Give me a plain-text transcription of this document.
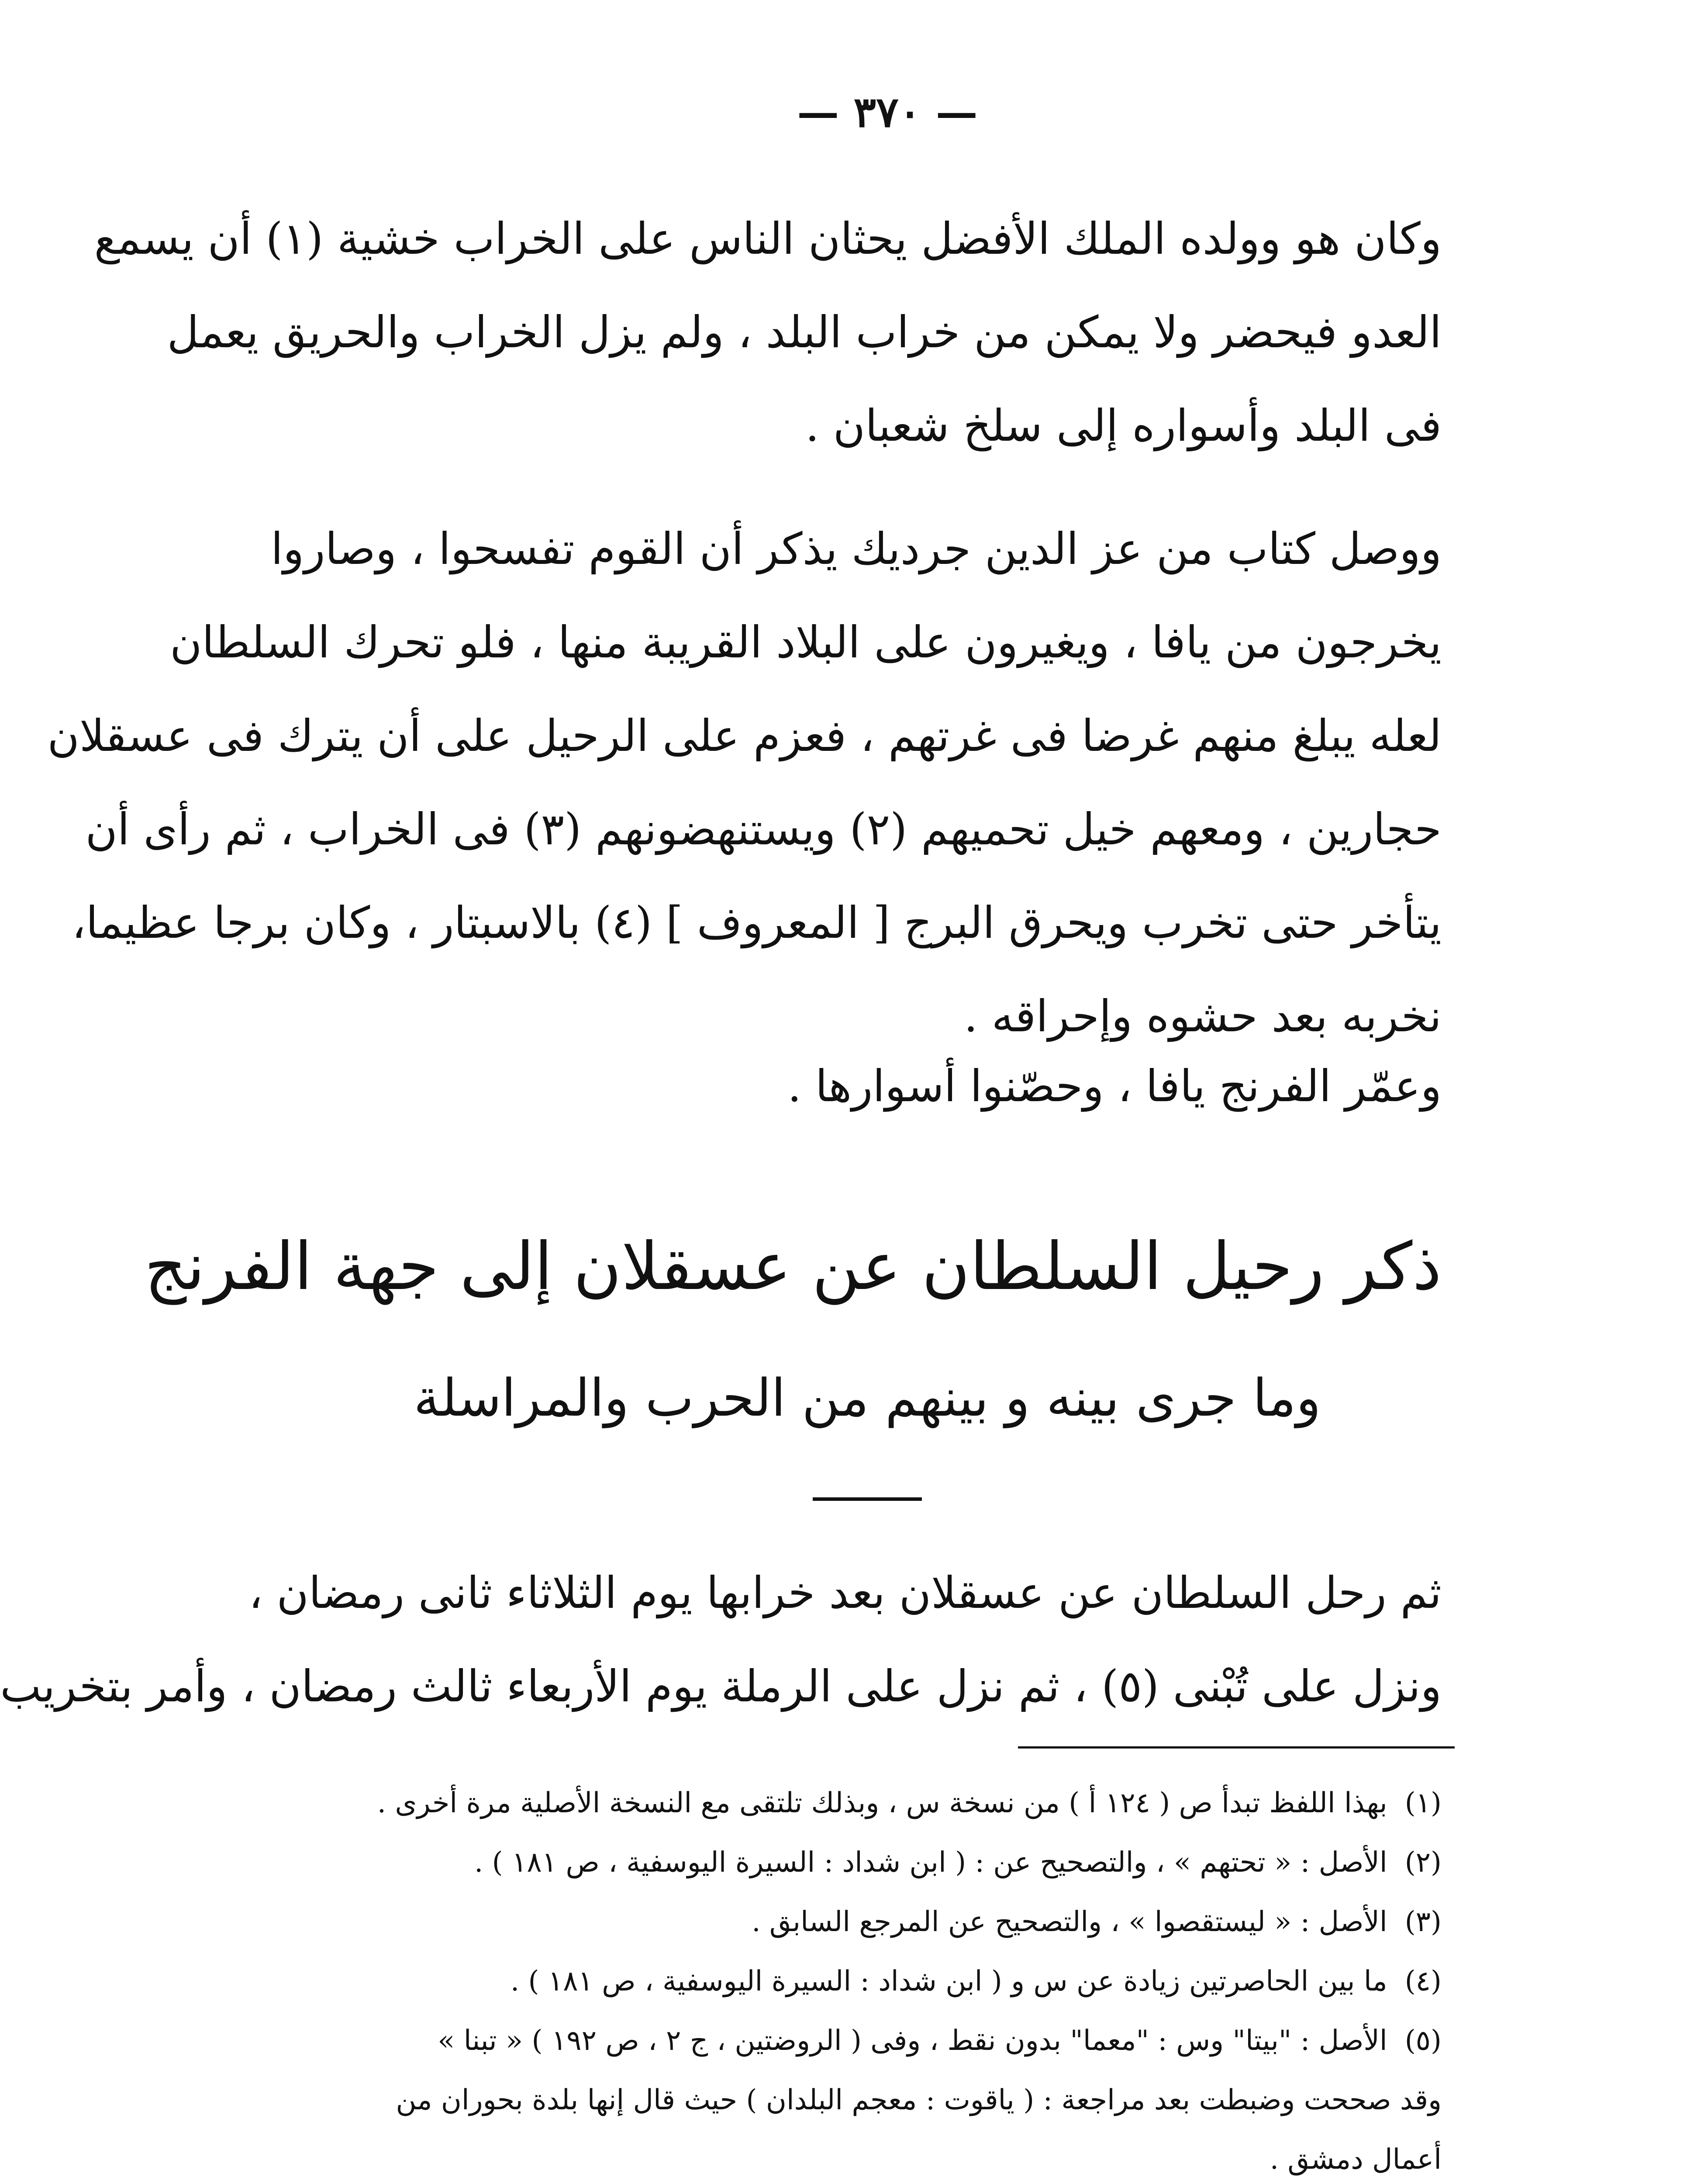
— ٣٧٠ —
وكان هو وولده الملك الأفضل يحثان الناس على الخراب خشية (١) أن يسمع
العدو فيحضر ولا يمكن من خراب البلد ، ولم يزل الخراب والحريق يعمل
فى البلد وأسواره إلى سلخ شعبان .
ووصل كتاب من عز الدين جرديك يذكر أن القوم تفسحوا ، وصاروا
يخرجون من يافا ، ويغيرون على البلاد القريبة منها ، فلو تحرك السلطان
لعله يبلغ منهم غرضا فى غرتهم ، فعزم على الرحيل على أن يترك فى عسقلان
حجارين ، ومعهم خيل تحميهم (٢) ويستنهضونهم (٣) فى الخراب ، ثم رأى أن
يتأخر حتى تخرب ويحرق البرج [ المعروف ] (٤) بالاسبتار ، وكان برجا عظيما،
نخربه بعد حشوه وإحراقه .
وعمّر الفرنج يافا ، وحصّنوا أسوارها .
ذكر رحيل السلطان عن عسقلان إلى جهة الفرنج
وما جرى بينه و بينهم من الحرب والمراسلة
ثم رحل السلطان عن عسقلان بعد خرابها يوم الثلاثاء ثانى رمضان ،
ونزل على تُبْنى (٥) ، ثم نزل على الرملة يوم الأربعاء ثالث رمضان ، وأمر بتخريب
(١)بهذا اللفظ تبدأ ص ( ١٢٤ أ ) من نسخة س ، وبذلك تلتقى مع النسخة الأصلية مرة أخرى .
(٢)الأصل : « تحتهم » ، والتصحيح عن : ( ابن شداد : السيرة اليوسفية ، ص ١٨١ ) .
(٣)الأصل : « ليستقصوا » ، والتصحيح عن المرجع السابق .
(٤)ما بين الحاصرتين زيادة عن س و ( ابن شداد : السيرة اليوسفية ، ص ١٨١ ) .
(٥)الأصل : "بيتا" وس : "معما" بدون نقط ، وفى ( الروضتين ، ج ٢ ، ص ١٩٢ ) « تبنا »
وقد صححت وضبطت بعد مراجعة : ( ياقوت : معجم البلدان ) حيث قال إنها بلدة بحوران من
أعمال دمشق .
